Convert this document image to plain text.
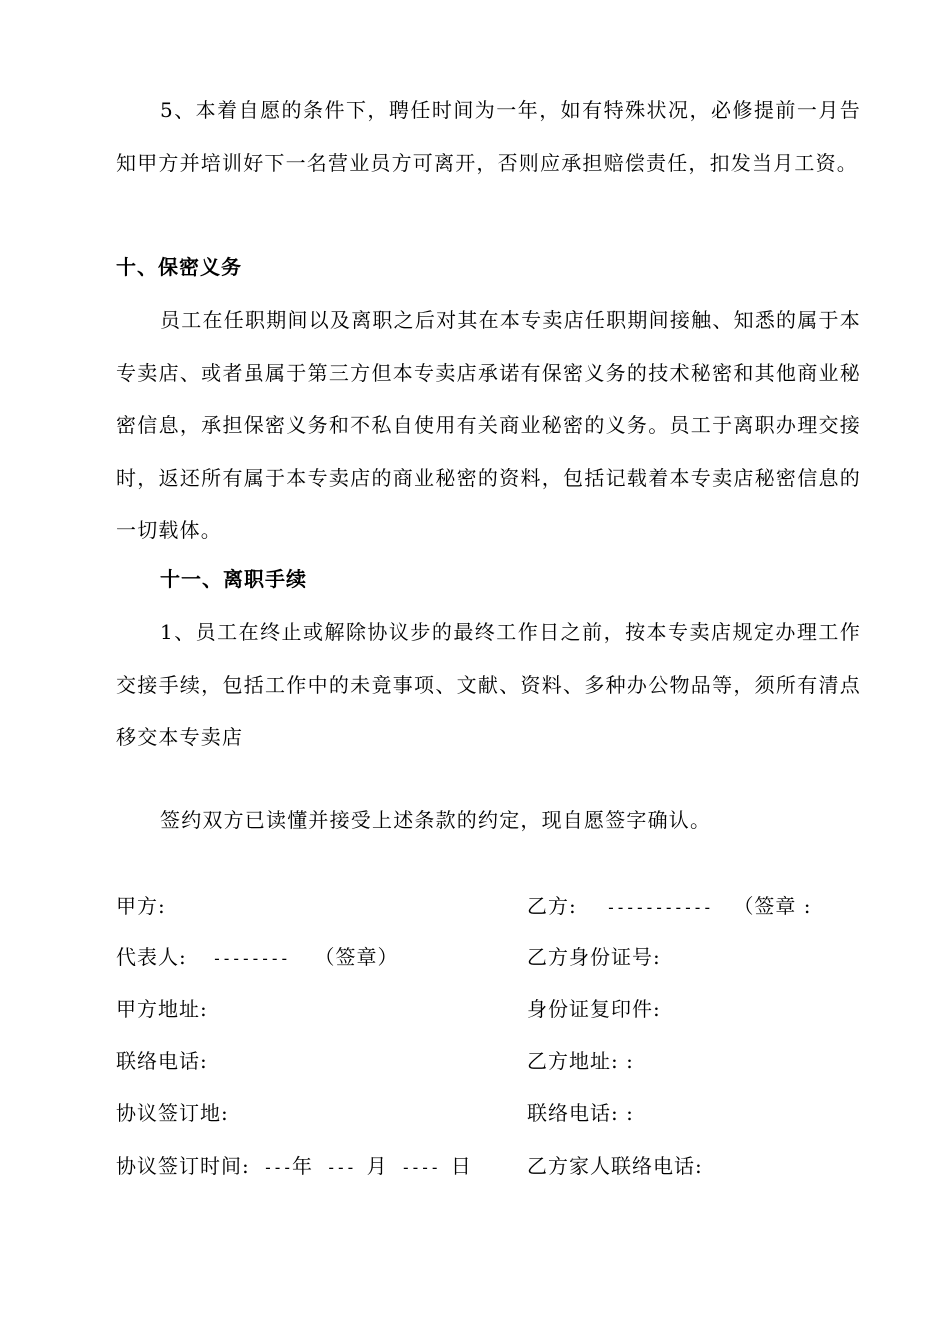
5、本着自愿的条件下，聘任时间为一年，如有特殊状况，必修提前一月告知甲方并培训好下一名营业员方可离开，否则应承担赔偿责任，扣发当月工资。

十、保密义务

员工在任职期间以及离职之后对其在本专卖店任职期间接触、知悉的属于本专卖店、或者虽属于第三方但本专卖店承诺有保密义务的技术秘密和其他商业秘密信息，承担保密义务和不私自使用有关商业秘密的义务。员工于离职办理交接时，返还所有属于本专卖店的商业秘密的资料，包括记载着本专卖店秘密信息的一切载体。

十一、离职手续

1、员工在终止或解除协议步的最终工作日之前，按本专卖店规定办理工作交接手续，包括工作中的未竟事项、文献、资料、多种办公物品等，须所有清点移交本专卖店

签约双方已读懂并接受上述条款的约定，现自愿签字确认。

甲方:
代表人: -------- （签章）
甲方地址:
联络电话:
协议签订地:
协议签订时间: ---年 --- 月 ---- 日
乙方: ----------- （签章 :
乙方身份证号:
身份证复印件:
乙方地址: :
联络电话: :
乙方家人联络电话:
